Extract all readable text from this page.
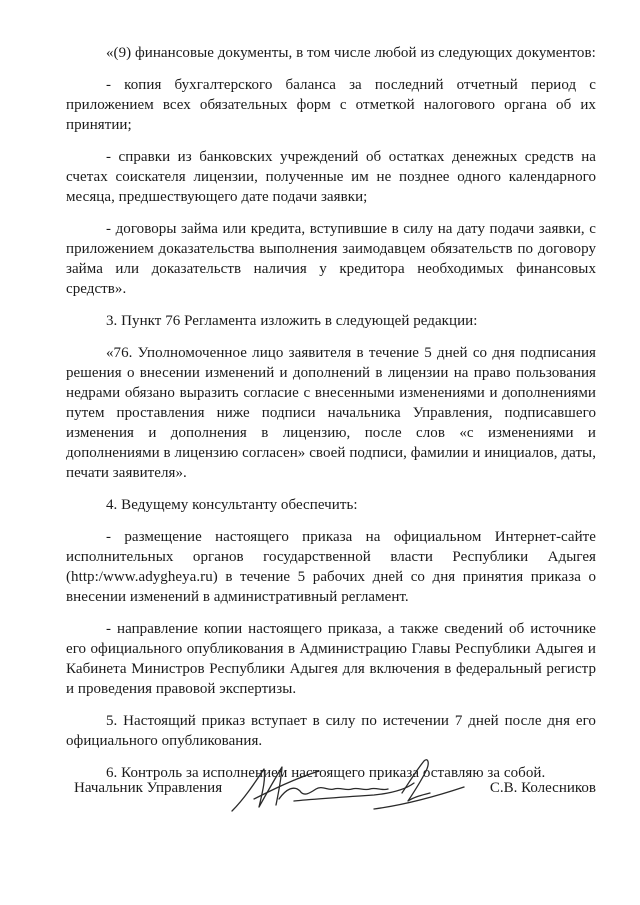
«(9) финансовые документы, в том числе любой из следующих документов:

- копия бухгалтерского баланса за последний отчетный период с приложением всех обязательных форм с отметкой налогового органа об их принятии;

- справки из банковских учреждений об остатках денежных средств на счетах соискателя лицензии, полученные им не позднее одного календарного месяца, предшествующего дате подачи заявки;

- договоры займа или кредита, вступившие в силу на дату подачи заявки, с приложением доказательства выполнения заимодавцем обязательств по договору займа или доказательств наличия у кредитора необходимых финансовых средств».

3. Пункт 76 Регламента изложить в следующей редакции:

«76. Уполномоченное лицо заявителя в течение 5 дней со дня подписания решения о внесении изменений и дополнений в лицензии на право пользования недрами обязано выразить согласие с внесенными изменениями и дополнениями путем проставления ниже подписи начальника Управления, подписавшего изменения и дополнения в лицензию, после слов «с изменениями и дополнениями в лицензию согласен» своей подписи, фамилии и инициалов, даты, печати заявителя».

4. Ведущему консультанту обеспечить:

- размещение настоящего приказа на официальном Интернет-сайте исполнительных органов государственной власти Республики Адыгея (http:/www.adygheya.ru) в течение 5 рабочих дней со дня принятия приказа о внесении изменений в административный регламент.

- направление копии настоящего приказа, а также сведений об источнике его официального опубликования в Администрацию Главы Республики Адыгея и Кабинета Министров Республики Адыгея для включения в федеральный регистр и проведения правовой экспертизы.

5. Настоящий приказ вступает в силу по истечении 7 дней после дня его официального опубликования.

6. Контроль за исполнением настоящего приказа оставляю за собой.

Начальник Управления	С.В. Колесников
